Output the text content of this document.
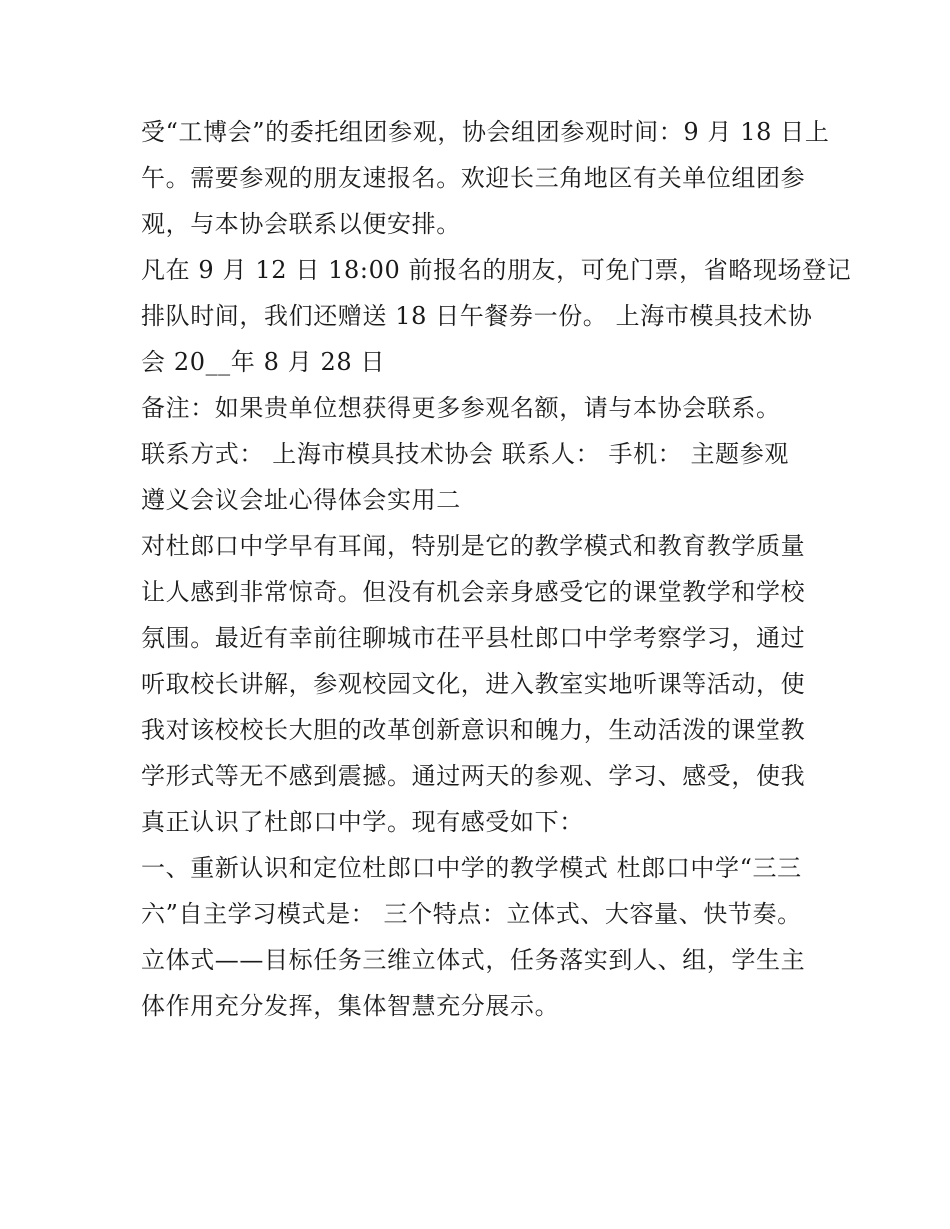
受“工博会”的委托组团参观，协会组团参观时间：9 月 18 日上
午。需要参观的朋友速报名。欢迎长三角地区有关单位组团参
观，与本协会联系以便安排。
凡在 9 月 12 日 18:00 前报名的朋友，可免门票，省略现场登记
排队时间，我们还赠送 18 日午餐券一份。 上海市模具技术协
会 20__年 8 月 28 日
备注：如果贵单位想获得更多参观名额，请与本协会联系。
联系方式： 上海市模具技术协会 联系人： 手机： 主题参观
遵义会议会址心得体会实用二
对杜郎口中学早有耳闻，特别是它的教学模式和教育教学质量
让人感到非常惊奇。但没有机会亲身感受它的课堂教学和学校
氛围。最近有幸前往聊城市茌平县杜郎口中学考察学习，通过
听取校长讲解，参观校园文化，进入教室实地听课等活动，使
我对该校校长大胆的改革创新意识和魄力，生动活泼的课堂教
学形式等无不感到震撼。通过两天的参观、学习、感受，使我
真正认识了杜郎口中学。现有感受如下：
一、重新认识和定位杜郎口中学的教学模式 杜郎口中学“三三
六”自主学习模式是： 三个特点：立体式、大容量、快节奏。
立体式——目标任务三维立体式，任务落实到人、组，学生主
体作用充分发挥，集体智慧充分展示。
